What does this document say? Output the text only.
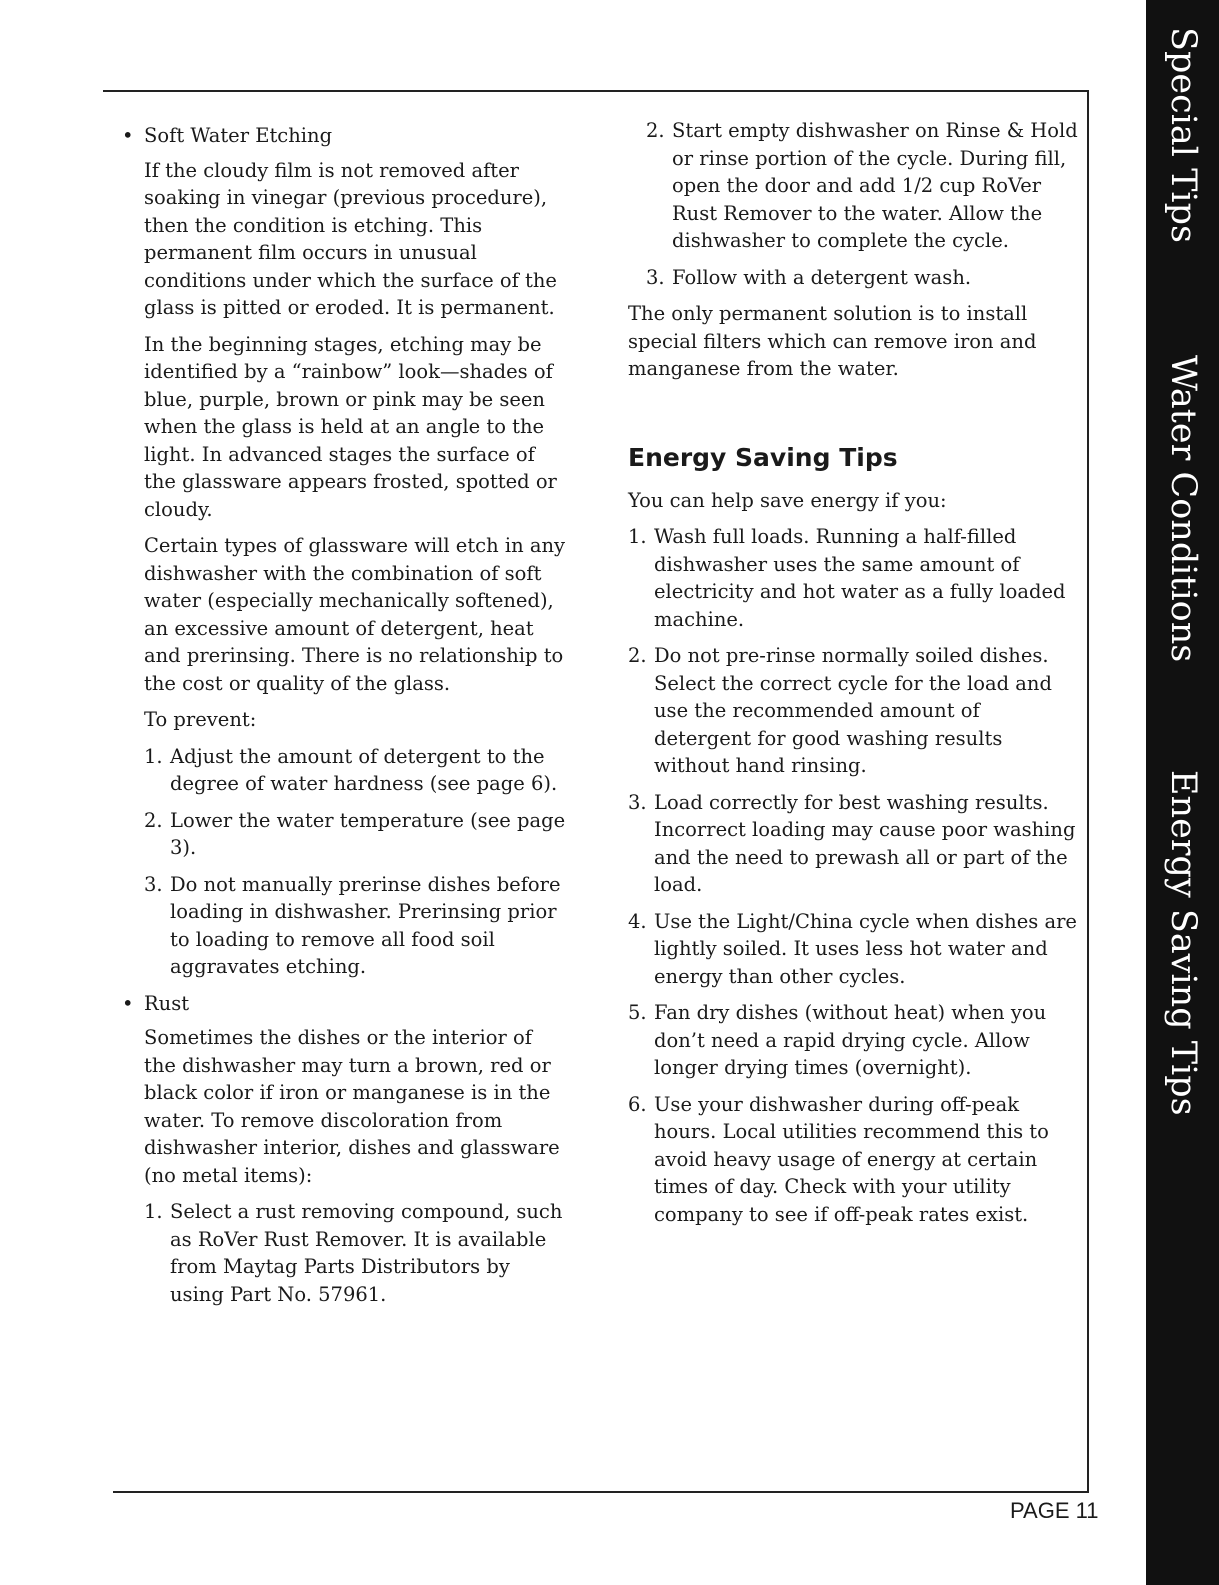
Special Tips
Water Conditions
Energy Saving Tips
• Soft Water Etching

If the cloudy film is not removed after soaking in vinegar (previous procedure), then the condition is etching. This permanent film occurs in unusual conditions under which the surface of the glass is pitted or eroded. It is permanent.

In the beginning stages, etching may be identified by a “rainbow” look—shades of blue, purple, brown or pink may be seen when the glass is held at an angle to the light. In advanced stages the surface of the glassware appears frosted, spotted or cloudy.

Certain types of glassware will etch in any dishwasher with the combination of soft water (especially mechanically softened), an excessive amount of detergent, heat and prerinsing. There is no relationship to the cost or quality of the glass.

To prevent:

1. Adjust the amount of detergent to the degree of water hardness (see page 6).
2. Lower the water temperature (see page 3).
3. Do not manually prerinse dishes before loading in dishwasher. Prerinsing prior to loading to remove all food soil aggravates etching.
• Rust

Sometimes the dishes or the interior of the dishwasher may turn a brown, red or black color if iron or manganese is in the water. To remove discoloration from dishwasher interior, dishes and glassware (no metal items):

1. Select a rust removing compound, such as RoVer Rust Remover. It is available from Maytag Parts Distributors by using Part No. 57961.
2. Start empty dishwasher on Rinse & Hold or rinse portion of the cycle. During fill, open the door and add 1/2 cup RoVer Rust Remover to the water. Allow the dishwasher to complete the cycle.
3. Follow with a detergent wash.

The only permanent solution is to install special filters which can remove iron and manganese from the water.

Energy Saving Tips

You can help save energy if you:

1. Wash full loads. Running a half-filled dishwasher uses the same amount of electricity and hot water as a fully loaded machine.
2. Do not pre-rinse normally soiled dishes. Select the correct cycle for the load and use the recommended amount of detergent for good washing results without hand rinsing.
3. Load correctly for best washing results. Incorrect loading may cause poor washing and the need to prewash all or part of the load.
4. Use the Light/China cycle when dishes are lightly soiled. It uses less hot water and energy than other cycles.
5. Fan dry dishes (without heat) when you don’t need a rapid drying cycle. Allow longer drying times (overnight).
6. Use your dishwasher during off-peak hours. Local utilities recommend this to avoid heavy usage of energy at certain times of day. Check with your utility company to see if off-peak rates exist.
PAGE 11
